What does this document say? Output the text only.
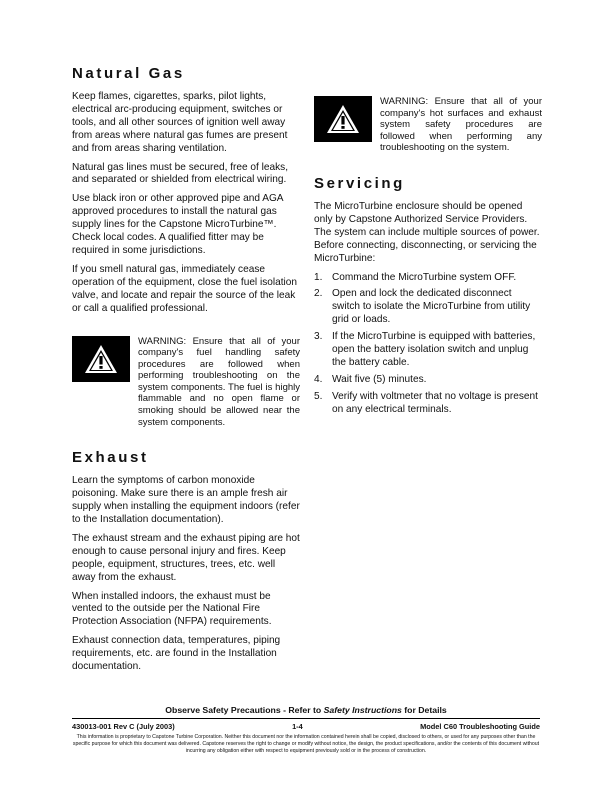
Natural Gas

Keep flames, cigarettes, sparks, pilot lights, electrical arc-producing equipment, switches or tools, and all other sources of ignition well away from areas where natural gas fumes are present and from areas sharing ventilation.

Natural gas lines must be secured, free of leaks, and separated or shielded from electrical wiring.

Use black iron or other approved pipe and AGA approved procedures to install the natural gas supply lines for the Capstone MicroTurbine™. Check local codes. A qualified fitter may be required in some jurisdictions.

If you smell natural gas, immediately cease operation of the equipment, close the fuel isolation valve, and locate and repair the source of the leak or call a qualified professional.

WARNING: Ensure that all of your company's fuel handling safety procedures are followed when performing troubleshooting on the system components. The fuel is highly flammable and no open flame or smoking should be allowed near the system components.

Exhaust

Learn the symptoms of carbon monoxide poisoning. Make sure there is an ample fresh air supply when installing the equipment indoors (refer to the Installation documentation).

The exhaust stream and the exhaust piping are hot enough to cause personal injury and fires. Keep people, equipment, structures, trees, etc. well away from the exhaust.

When installed indoors, the exhaust must be vented to the outside per the National Fire Protection Association (NFPA) requirements.

Exhaust connection data, temperatures, piping requirements, etc. are found in the Installation documentation.

WARNING: Ensure that all of your company's hot surfaces and exhaust system safety procedures are followed when performing any troubleshooting on the system.

Servicing

The MicroTurbine enclosure should be opened only by Capstone Authorized Service Providers. The system can include multiple sources of power. Before connecting, disconnecting, or servicing the MicroTurbine:

1. Command the MicroTurbine system OFF.
2. Open and lock the dedicated disconnect switch to isolate the MicroTurbine from utility grid or loads.
3. If the MicroTurbine is equipped with batteries, open the battery isolation switch and unplug the battery cable.
4. Wait five (5) minutes.
5. Verify with voltmeter that no voltage is present on any electrical terminals.
Observe Safety Precautions - Refer to Safety Instructions for Details
430013-001 Rev C (July 2003)	1-4	Model C60 Troubleshooting Guide
This information is proprietary to Capstone Turbine Corporation. Neither this document nor the information contained herein shall be copied, disclosed to others, or used for any purposes other than the specific purpose for which this document was delivered. Capstone reserves the right to change or modify without notice, the design, the product specifications, and/or the contents of this document without incurring any obligation either with respect to equipment previously sold or in the process of construction.
